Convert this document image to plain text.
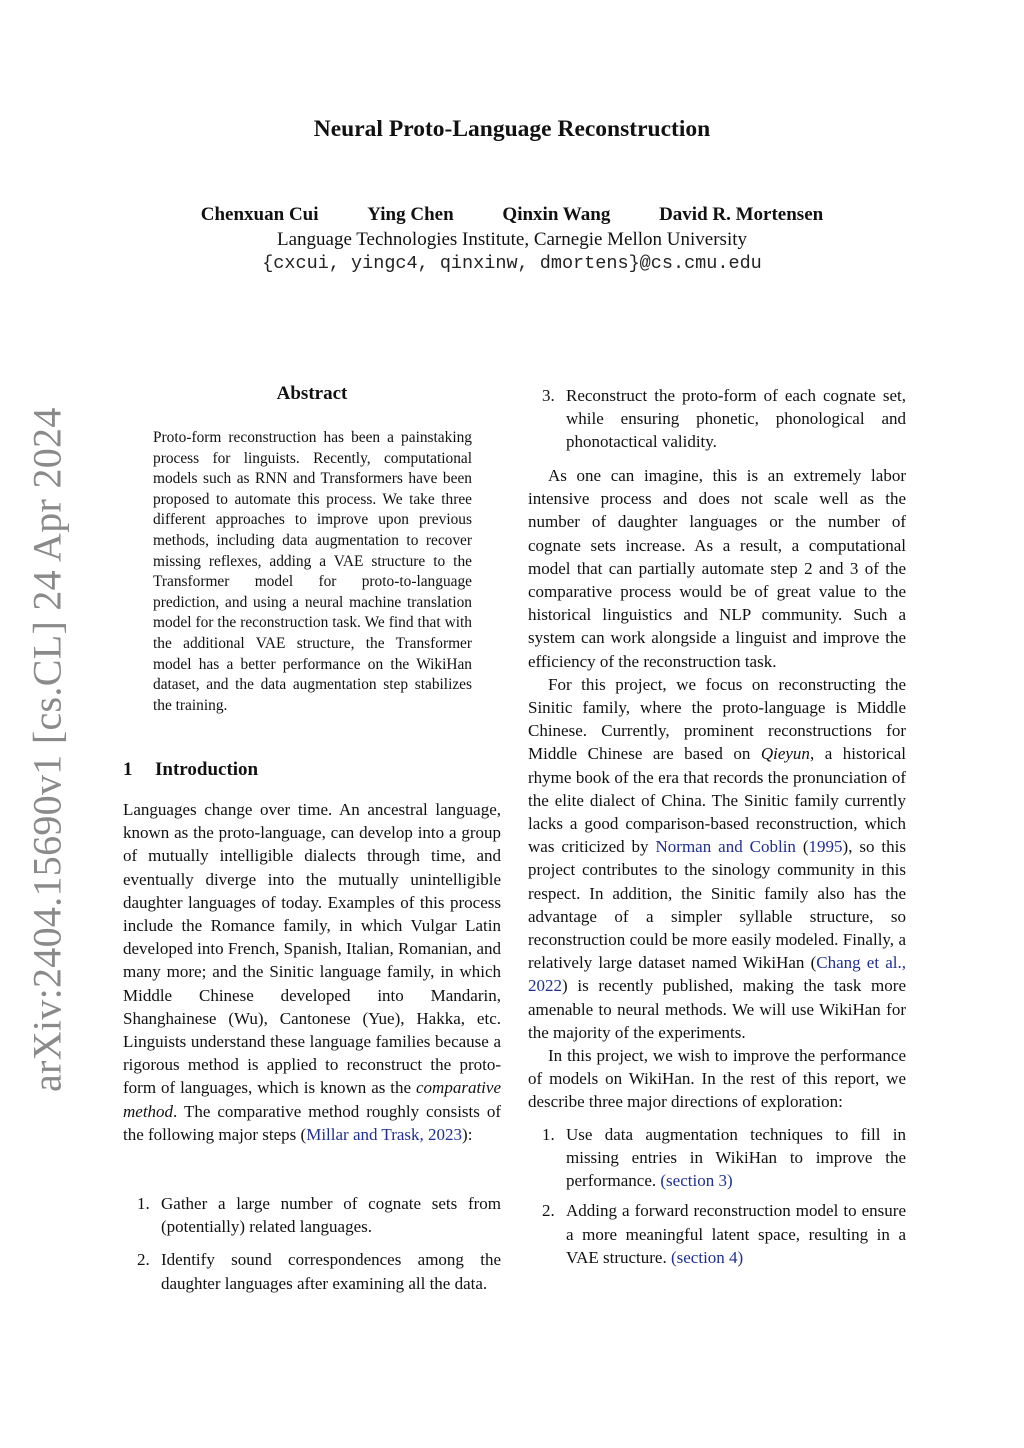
arXiv:2404.15690v1 [cs.CL] 24 Apr 2024
Neural Proto-Language Reconstruction
Chenxuan Cui	Ying Chen	Qinxin Wang	David R. Mortensen
Language Technologies Institute, Carnegie Mellon University
{cxcui, yingc4, qinxinw, dmortens}@cs.cmu.edu
Abstract
Proto-form reconstruction has been a painstaking process for linguists. Recently, computational models such as RNN and Transformers have been proposed to automate this process. We take three different approaches to improve upon previous methods, including data augmentation to recover missing reflexes, adding a VAE structure to the Transformer model for proto-to-language prediction, and using a neural machine translation model for the reconstruction task. We find that with the additional VAE structure, the Transformer model has a better performance on the WikiHan dataset, and the data augmentation step stabilizes the training.
1 Introduction

Languages change over time. An ancestral language, known as the proto-language, can develop into a group of mutually intelligible dialects through time, and eventually diverge into the mutually unintelligible daughter languages of today. Examples of this process include the Romance family, in which Vulgar Latin developed into French, Spanish, Italian, Romanian, and many more; and the Sinitic language family, in which Middle Chinese developed into Mandarin, Shanghainese (Wu), Cantonese (Yue), Hakka, etc. Linguists understand these language families because a rigorous method is applied to reconstruct the proto-form of languages, which is known as the comparative method. The comparative method roughly consists of the following major steps (Millar and Trask, 2023):

1. Gather a large number of cognate sets from (potentially) related languages.
2. Identify sound correspondences among the daughter languages after examining all the data.
3. Reconstruct the proto-form of each cognate set, while ensuring phonetic, phonological and phonotactical validity.

As one can imagine, this is an extremely labor intensive process and does not scale well as the number of daughter languages or the number of cognate sets increase. As a result, a computational model that can partially automate step 2 and 3 of the comparative process would be of great value to the historical linguistics and NLP community. Such a system can work alongside a linguist and improve the efficiency of the reconstruction task.

For this project, we focus on reconstructing the Sinitic family, where the proto-language is Middle Chinese. Currently, prominent reconstructions for Middle Chinese are based on Qieyun, a historical rhyme book of the era that records the pronunciation of the elite dialect of China. The Sinitic family currently lacks a good comparison-based reconstruction, which was criticized by Norman and Coblin (1995), so this project contributes to the sinology community in this respect. In addition, the Sinitic family also has the advantage of a simpler syllable structure, so reconstruction could be more easily modeled. Finally, a relatively large dataset named WikiHan (Chang et al., 2022) is recently published, making the task more amenable to neural methods. We will use WikiHan for the majority of the experiments.

In this project, we wish to improve the performance of models on WikiHan. In the rest of this report, we describe three major directions of exploration:

1. Use data augmentation techniques to fill in missing entries in WikiHan to improve the performance. (section 3)
2. Adding a forward reconstruction model to ensure a more meaningful latent space, resulting in a VAE structure. (section 4)
